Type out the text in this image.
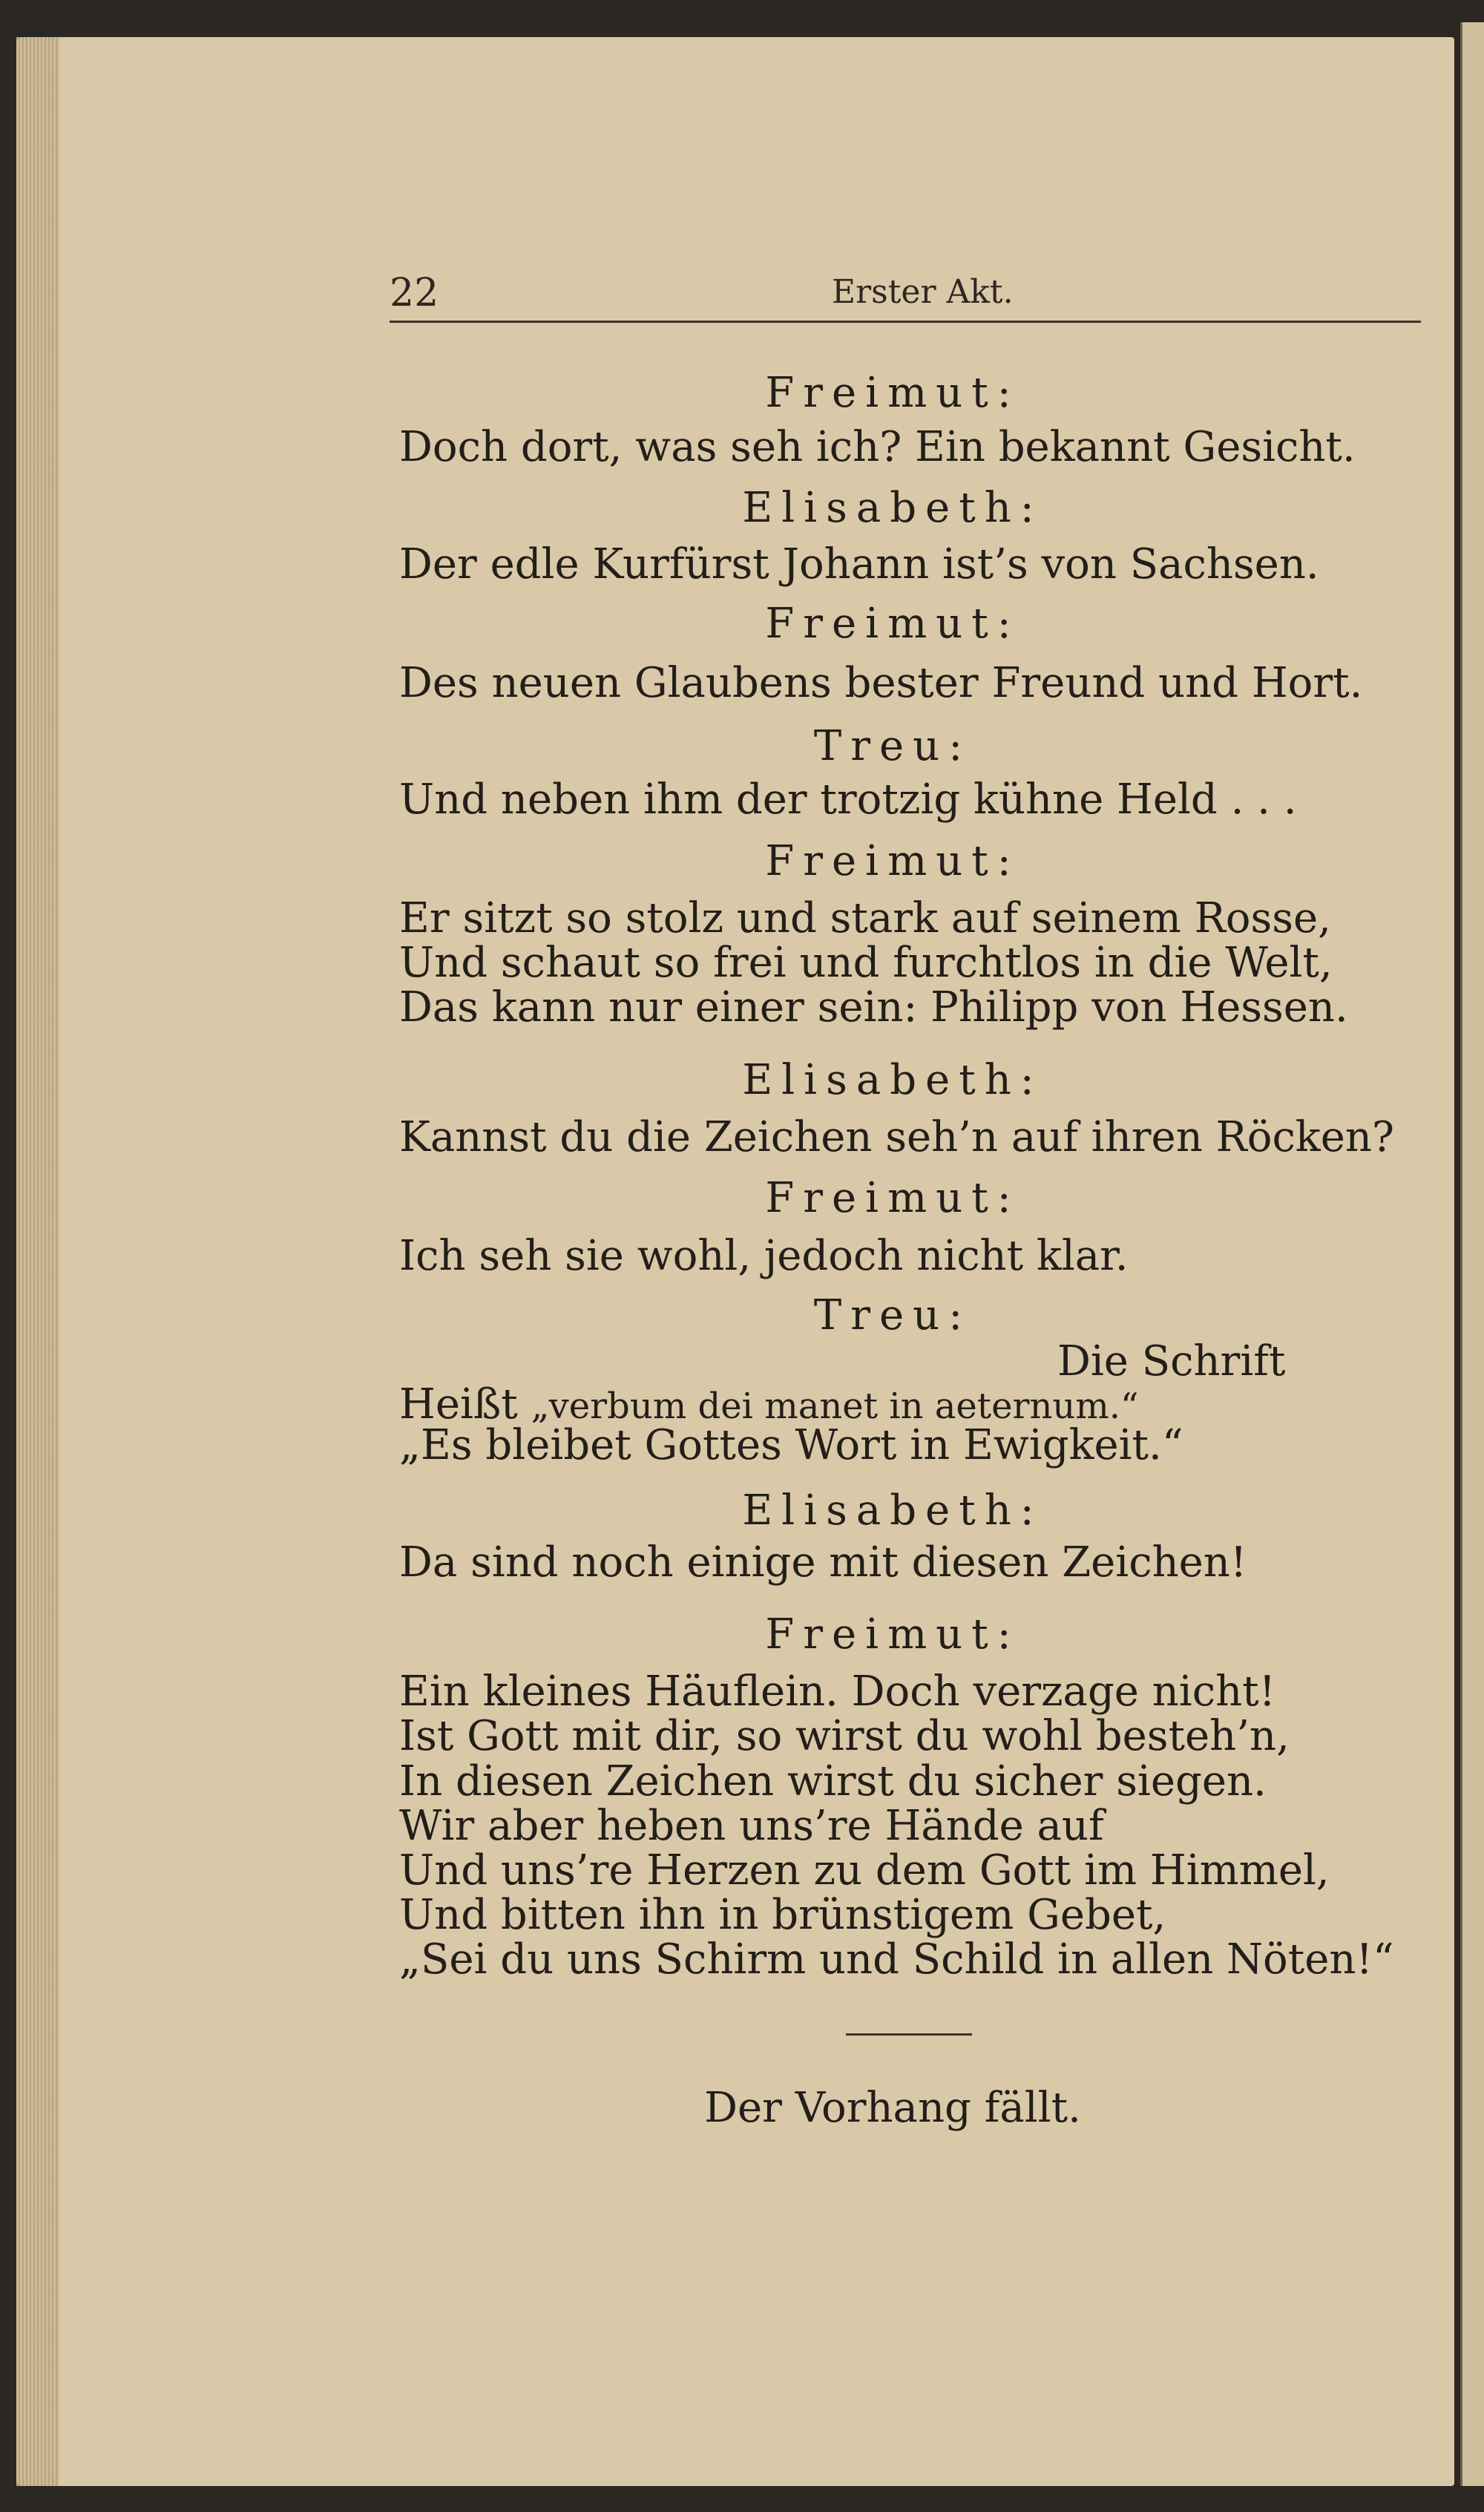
22	Erster Akt.
Freimut:
Doch dort, was seh ich? Ein bekannt Gesicht.
Elisabeth:
Der edle Kurfürst Johann ist’s von Sachsen.
Freimut:
Des neuen Glaubens bester Freund und Hort.
Treu:
Und neben ihm der trotzig kühne Held . . .
Freimut:
Er sitzt so stolz und stark auf seinem Rosse,
Und schaut so frei und furchtlos in die Welt,
Das kann nur einer sein: Philipp von Hessen.
Elisabeth:
Kannst du die Zeichen seh’n auf ihren Röcken?
Freimut:
Ich seh sie wohl, jedoch nicht klar.
Treu:
Die Schrift
Heißt „verbum dei manet in aeternum.“
„Es bleibet Gottes Wort in Ewigkeit.“
Elisabeth:
Da sind noch einige mit diesen Zeichen!
Freimut:
Ein kleines Häuflein. Doch verzage nicht!
Ist Gott mit dir, so wirst du wohl besteh’n,
In diesen Zeichen wirst du sicher siegen.
Wir aber heben uns’re Hände auf
Und uns’re Herzen zu dem Gott im Himmel,
Und bitten ihn in brünstigem Gebet,
„Sei du uns Schirm und Schild in allen Nöten!“
Der Vorhang fällt.
